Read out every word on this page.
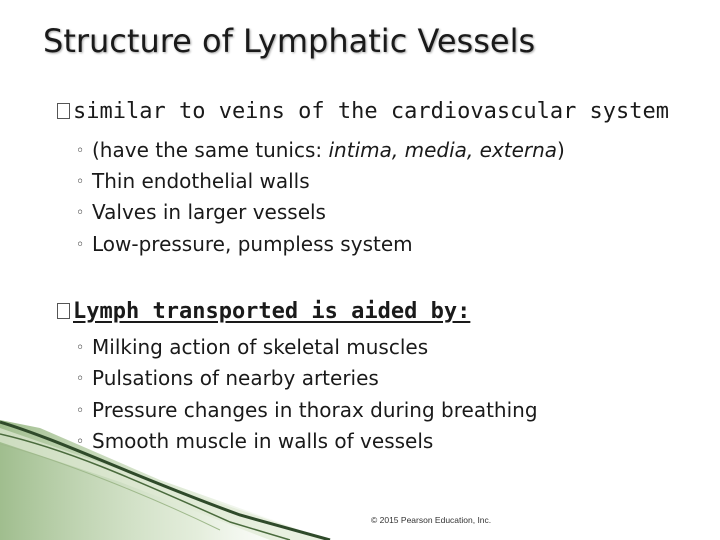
Structure of Lymphatic Vessels
similar to veins of the cardiovascular system
◦ (have the same tunics: intima, media, externa)
◦ Thin endothelial walls
◦ Valves in larger vessels
◦ Low-pressure, pumpless system
Lymph transported is aided by:
◦ Milking action of skeletal muscles
◦ Pulsations of nearby arteries
◦ Pressure changes in thorax during breathing
◦ Smooth muscle in walls of vessels
© 2015 Pearson Education, Inc.
